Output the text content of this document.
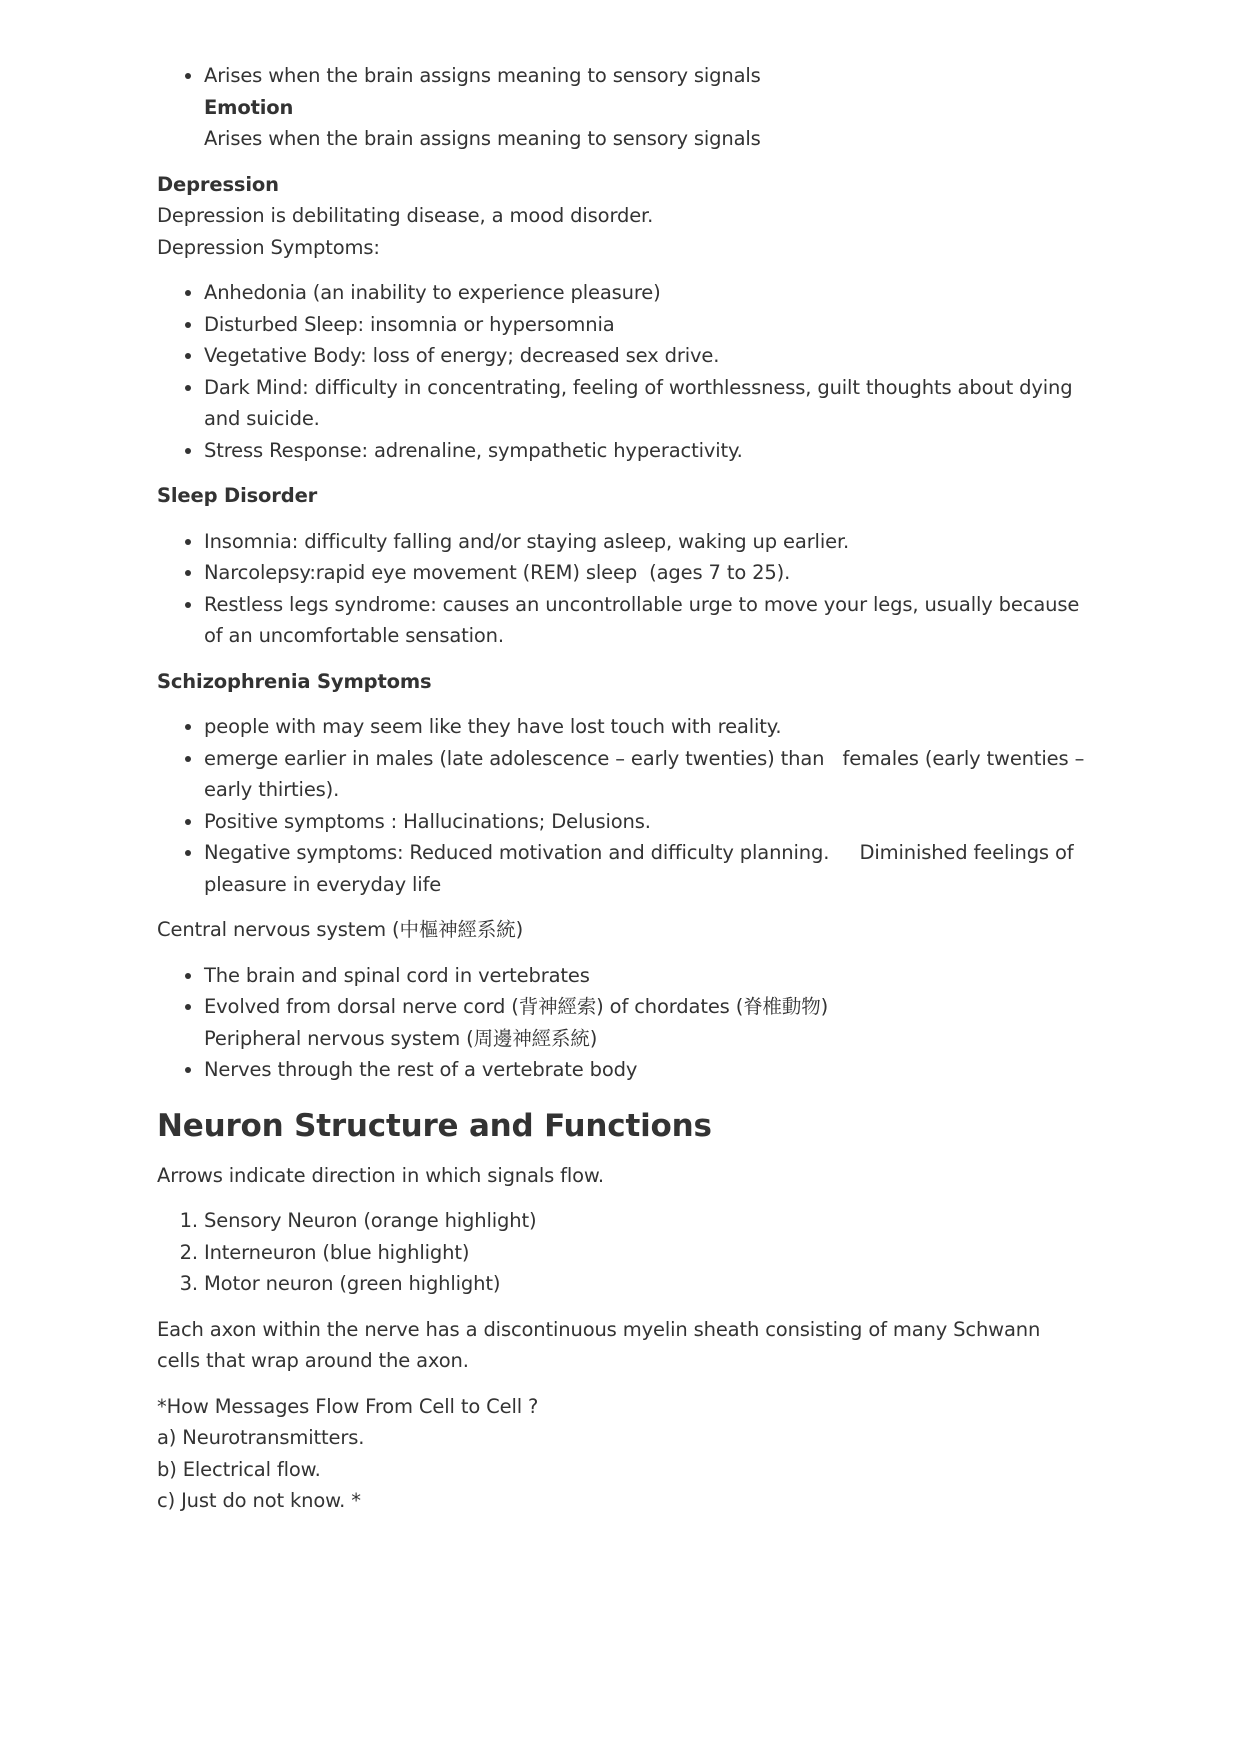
• Arises when the brain assigns meaning to sensory signals
Emotion
Arises when the brain assigns meaning to sensory signals

Depression

Depression is debilitating disease, a mood disorder.

Depression Symptoms:

• Anhedonia (an inability to experience pleasure)
• Disturbed Sleep: insomnia or hypersomnia
• Vegetative Body: loss of energy; decreased sex drive.
• Dark Mind: difficulty in concentrating, feeling of worthlessness, guilt thoughts about dying and suicide.
• Stress Response: adrenaline, sympathetic hyperactivity.

Sleep Disorder

• Insomnia: difficulty falling and/or staying asleep, waking up earlier.
• Narcolepsy:rapid eye movement (REM) sleep  (ages 7 to 25).
• Restless legs syndrome: causes an uncontrollable urge to move your legs, usually because of an uncomfortable sensation.

Schizophrenia Symptoms

• people with may seem like they have lost touch with reality.
• emerge earlier in males (late adolescence – early twenties) than   females (early twenties – early thirties).
• Positive symptoms : Hallucinations; Delusions.
• Negative symptoms: Reduced motivation and difficulty planning.     Diminished feelings of pleasure in everyday life

Central nervous system (中樞神經系統)

• The brain and spinal cord in vertebrates
• Evolved from dorsal nerve cord (背神經索) of chordates (脊椎動物)
Peripheral nervous system (周邊神經系統)
• Nerves through the rest of a vertebrate body
Neuron Structure and Functions

Arrows indicate direction in which signals flow.

1. Sensory Neuron (orange highlight)
2. Interneuron (blue highlight)
3. Motor neuron (green highlight)

Each axon within the nerve has a discontinuous myelin sheath consisting of many Schwann cells that wrap around the axon.

*How Messages Flow From Cell to Cell ?

a) Neurotransmitters.

b) Electrical flow.

c) Just do not know. *
